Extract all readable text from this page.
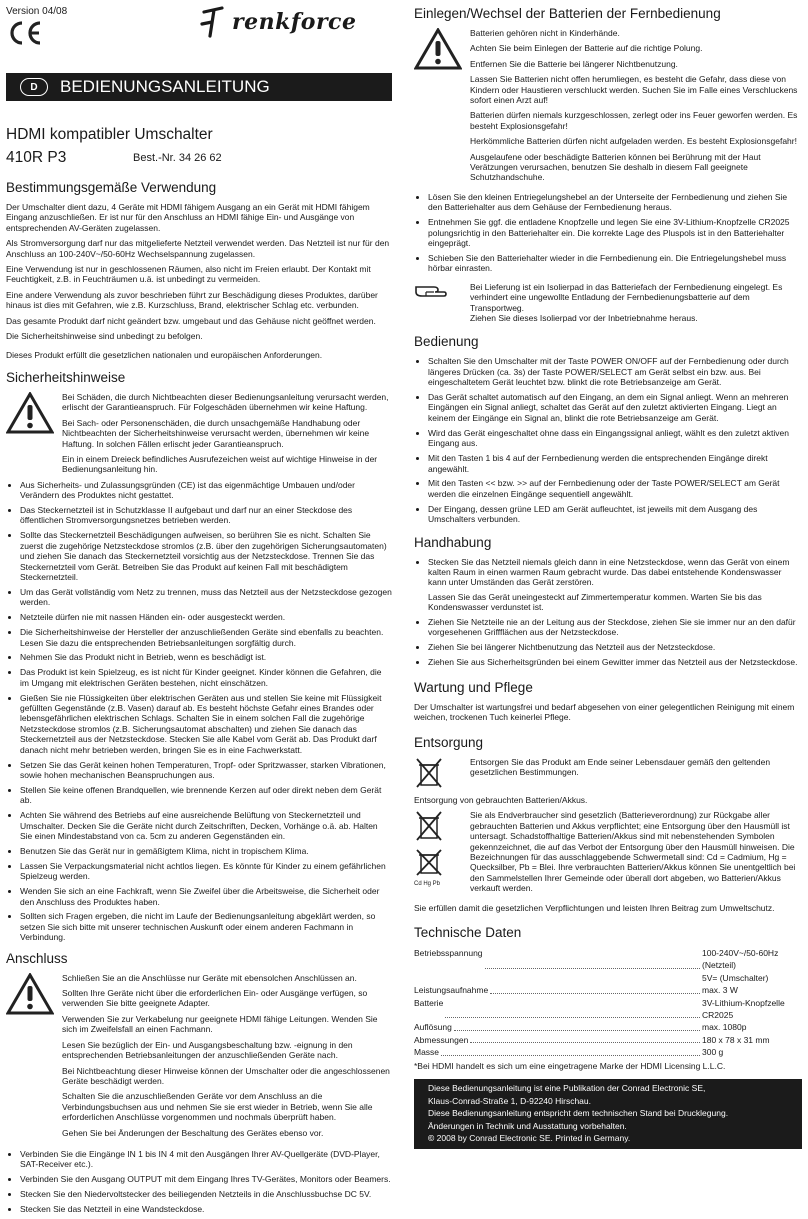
Version 04/08
D BEDIENUNGSANLEITUNG
HDMI kompatibler Umschalter
410R P3	Best.-Nr. 34 26 62
Bestimmungsgemäße Verwendung

Der Umschalter dient dazu, 4 Geräte mit HDMI fähigem Ausgang an ein Gerät mit HDMI fähigem Eingang anzuschließen. Er ist nur für den Anschluss an HDMI fähige Ein- und Ausgänge von entsprechenden AV-Geräten zugelassen.

Als Stromversorgung darf nur das mitgelieferte Netzteil verwendet werden. Das Netzteil ist nur für den Anschluss an 100-240V~/50-60Hz Wechselspannung zugelassen.

Eine Verwendung ist nur in geschlossenen Räumen, also nicht im Freien erlaubt. Der Kontakt mit Feuchtigkeit, z.B. in Feuchträumen u.ä. ist unbedingt zu vermeiden.

Eine andere Verwendung als zuvor beschrieben führt zur Beschädigung dieses Produktes, darüber hinaus ist dies mit Gefahren, wie z.B. Kurzschluss, Brand, elektrischer Schlag etc. verbunden.

Das gesamte Produkt darf nicht geändert bzw. umgebaut und das Gehäuse nicht geöffnet werden.

Die Sicherheitshinweise sind unbedingt zu befolgen.

Dieses Produkt erfüllt die gesetzlichen nationalen und europäischen Anforderungen.

Sicherheitshinweise

Bei Schäden, die durch Nichtbeachten dieser Bedienungsanleitung verursacht werden, erlischt der Garantieanspruch. Für Folgeschäden übernehmen wir keine Haftung.

Bei Sach- oder Personenschäden, die durch unsachgemäße Handhabung oder Nichtbeachten der Sicherheitshinweise verursacht werden, übernehmen wir keine Haftung. In solchen Fällen erlischt jeder Garantieanspruch.

Ein in einem Dreieck befindliches Ausrufezeichen weist auf wichtige Hinweise in der Bedienungsanleitung hin.

• Aus Sicherheits- und Zulassungsgründen (CE) ist das eigenmächtige Umbauen und/oder Verändern des Produktes nicht gestattet.
• Das Steckernetzteil ist in Schutzklasse II aufgebaut und darf nur an einer Steckdose des öffentlichen Stromversorgungsnetzes betrieben werden.
• Sollte das Steckernetzteil Beschädigungen aufweisen, so berühren Sie es nicht. Schalten Sie zuerst die zugehörige Netzsteckdose stromlos (z.B. über den zugehörigen Sicherungsautomaten) und ziehen Sie danach das Steckernetzteil vorsichtig aus der Netzsteckdose. Trennen Sie das Steckernetzteil vom Gerät. Betreiben Sie das Produkt auf keinen Fall mit beschädigtem Steckernetzteil.
• Um das Gerät vollständig vom Netz zu trennen, muss das Netzteil aus der Netzsteckdose gezogen werden.
• Netzteile dürfen nie mit nassen Händen ein- oder ausgesteckt werden.
• Die Sicherheitshinweise der Hersteller der anzuschließenden Geräte sind ebenfalls zu beachten. Lesen Sie dazu die entsprechenden Betriebsanleitungen sorgfältig durch.
• Nehmen Sie das Produkt nicht in Betrieb, wenn es beschädigt ist.
• Das Produkt ist kein Spielzeug, es ist nicht für Kinder geeignet. Kinder können die Gefahren, die im Umgang mit elektrischen Geräten bestehen, nicht einschätzen.
• Gießen Sie nie Flüssigkeiten über elektrischen Geräten aus und stellen Sie keine mit Flüssigkeit gefüllten Gegenstände (z.B. Vasen) darauf ab. Es besteht höchste Gefahr eines Brandes oder lebensgefährlichen elektrischen Schlags. Schalten Sie in einem solchen Fall die zugehörige Netzsteckdose stromlos (z.B. Sicherungsautomat abschalten) und ziehen Sie danach das Steckernetzteil aus der Netzsteckdose. Stecken Sie alle Kabel vom Gerät ab. Das Produkt darf danach nicht mehr betrieben werden, bringen Sie es in eine Fachwerkstatt.
• Setzen Sie das Gerät keinen hohen Temperaturen, Tropf- oder Spritzwasser, starken Vibrationen, sowie hohen mechanischen Beanspruchungen aus.
• Stellen Sie keine offenen Brandquellen, wie brennende Kerzen auf oder direkt neben dem Gerät ab.
• Achten Sie während des Betriebs auf eine ausreichende Belüftung von Steckernetzteil und Umschalter. Decken Sie die Geräte nicht durch Zeitschriften, Decken, Vorhänge o.ä. ab. Halten Sie einen Mindestabstand von ca. 5cm zu anderen Gegenständen ein.
• Benutzen Sie das Gerät nur in gemäßigtem Klima, nicht in tropischem Klima.
• Lassen Sie Verpackungsmaterial nicht achtlos liegen. Es könnte für Kinder zu einem gefährlichen Spielzeug werden.
• Wenden Sie sich an eine Fachkraft, wenn Sie Zweifel über die Arbeitsweise, die Sicherheit oder den Anschluss des Produktes haben.
• Sollten sich Fragen ergeben, die nicht im Laufe der Bedienungsanleitung abgeklärt werden, so setzen Sie sich bitte mit unserer technischen Auskunft oder einem anderen Fachmann in Verbindung.
Anschluss

Schließen Sie an die Anschlüsse nur Geräte mit ebensolchen Anschlüssen an.

Sollten Ihre Geräte nicht über die erforderlichen Ein- oder Ausgänge verfügen, so verwenden Sie bitte geeignete Adapter.

Verwenden Sie zur Verkabelung nur geeignete HDMI fähige Leitungen. Wenden Sie sich im Zweifelsfall an einen Fachmann.

Lesen Sie bezüglich der Ein- und Ausgangsbeschaltung bzw. -eignung in den entsprechenden Betriebsanleitungen der anzuschließenden Geräte nach.

Bei Nichtbeachtung dieser Hinweise können der Umschalter oder die angeschlossenen Geräte beschädigt werden.

Schalten Sie die anzuschließenden Geräte vor dem Anschluss an die Verbindungsbuchsen aus und nehmen Sie sie erst wieder in Betrieb, wenn Sie alle erforderlichen Anschlüsse vorgenommen und nochmals überprüft haben.

Gehen Sie bei Änderungen der Beschaltung des Gerätes ebenso vor.

• Verbinden Sie die Eingänge IN 1 bis IN 4 mit den Ausgängen Ihrer AV-Quellgeräte (DVD-Player, SAT-Receiver etc.).
• Verbinden Sie den Ausgang OUTPUT mit dem Eingang Ihres TV-Gerätes, Monitors oder Beamers.
• Stecken Sie den Niedervoltstecker des beiliegenden Netzteils in die Anschlussbuchse DC 5V.
• Stecken Sie das Netzteil in eine Wandsteckdose.
renkforce	Einlegen/Wechsel der Batterien der Fernbedienung

Batterien gehören nicht in Kinderhände.

Achten Sie beim Einlegen der Batterie auf die richtige Polung.

Entfernen Sie die Batterie bei längerer Nichtbenutzung.

Lassen Sie Batterien nicht offen herumliegen, es besteht die Gefahr, dass diese von Kindern oder Haustieren verschluckt werden. Suchen Sie im Falle eines Verschluckens sofort einen Arzt auf!

Batterien dürfen niemals kurzgeschlossen, zerlegt oder ins Feuer geworfen werden. Es besteht Explosionsgefahr!

Herkömmliche Batterien dürfen nicht aufgeladen werden. Es besteht Explosionsgefahr!

Ausgelaufene oder beschädigte Batterien können bei Berührung mit der Haut Verätzungen verursachen, benutzen Sie deshalb in diesem Fall geeignete Schutzhandschuhe.

• Lösen Sie den kleinen Entriegelungshebel an der Unterseite der Fernbedienung und ziehen Sie den Batteriehalter aus dem Gehäuse der Fernbedienung heraus.
• Entnehmen Sie ggf. die entladene Knopfzelle und legen Sie eine 3V-Lithium-Knopfzelle CR2025 polungsrichtig in den Batteriehalter ein. Die korrekte Lage des Pluspols ist in den Batteriehalter eingeprägt.
• Schieben Sie den Batteriehalter wieder in die Fernbedienung ein. Die Entriegelungshebel muss hörbar einrasten.

Bei Lieferung ist ein Isolierpad in das Batteriefach der Fernbedienung eingelegt. Es verhindert eine ungewollte Entladung der Fernbedienungsbatterie auf dem Transportweg.

Ziehen Sie dieses Isolierpad vor der Inbetriebnahme heraus.

Bedienung
• Schalten Sie den Umschalter mit der Taste POWER ON/OFF auf der Fernbedienung oder durch längeres Drücken (ca. 3s) der Taste POWER/SELECT am Gerät selbst ein bzw. aus. Bei eingeschaltetem Gerät leuchtet bzw. blinkt die rote Betriebsanzeige am Gerät.
• Das Gerät schaltet automatisch auf den Eingang, an dem ein Signal anliegt. Wenn an mehreren Eingängen ein Signal anliegt, schaltet das Gerät auf den zuletzt aktivierten Eingang. Liegt an keinem der Eingänge ein Signal an, blinkt die rote Betriebsanzeige am Gerät.
• Wird das Gerät eingeschaltet ohne dass ein Eingangssignal anliegt, wählt es den zuletzt aktiven Eingang aus.
• Mit den Tasten 1 bis 4 auf der Fernbedienung werden die entsprechenden Eingänge direkt angewählt.
• Mit den Tasten << bzw. >> auf der Fernbedienung oder der Taste POWER/SELECT am Gerät werden die einzelnen Eingänge sequentiell angewählt.
• Der Eingang, dessen grüne LED am Gerät aufleuchtet, ist jeweils mit dem Ausgang des Umschalters verbunden.
Handhabung
• Stecken Sie das Netzteil niemals gleich dann in eine Netzsteckdose, wenn das Gerät von einem kalten Raum in einen warmen Raum gebracht wurde. Das dabei entstehende Kondenswasser kann unter Umständen das Gerät zerstören.

Lassen Sie das Gerät uneingesteckt auf Zimmertemperatur kommen. Warten Sie bis das Kondenswasser verdunstet ist.

• Ziehen Sie Netzteile nie an der Leitung aus der Steckdose, ziehen Sie sie immer nur an den dafür vorgesehenen Griffflächen aus der Netzsteckdose.
• Ziehen Sie bei längerer Nichtbenutzung das Netzteil aus der Netzsteckdose.
• Ziehen Sie aus Sicherheitsgründen bei einem Gewitter immer das Netzteil aus der Netzsteckdose.
Wartung und Pflege

Der Umschalter ist wartungsfrei und bedarf abgesehen von einer gelegentlichen Reinigung mit einem weichen, trockenen Tuch keinerlei Pflege.

Entsorgung

Entsorgen Sie das Produkt am Ende seiner Lebensdauer gemäß den geltenden gesetzlichen Bestimmungen.

Entsorgung von gebrauchten Batterien/Akkus.

Cd Hg Pb

Sie als Endverbraucher sind gesetzlich (Batterieverordnung) zur Rückgabe aller gebrauchten Batterien und Akkus verpflichtet; eine Entsorgung über den Hausmüll ist untersagt. Schadstoffhaltige Batterien/Akkus sind mit nebenstehenden Symbolen gekennzeichnet, die auf das Verbot der Entsorgung über den Hausmüll hinweisen. Die Bezeichnungen für das ausschlaggebende Schwermetall sind: Cd = Cadmium, Hg = Quecksilber, Pb = Blei. Ihre verbrauchten Batterien/Akkus können Sie unentgeltlich bei den Sammelstellen Ihrer Gemeinde oder überall dort abgeben, wo Batterien/Akkus verkauft werden.

Sie erfüllen damit die gesetzlichen Verpflichtungen und leisten Ihren Beitrag zum Umweltschutz.

Technische Daten
Betriebsspannung	100-240V~/50-60Hz (Netzteil)
5V= (Umschalter)
Leistungsaufnahme	max. 3 W
Batterie	3V-Lithium-Knopfzelle CR2025
Auflösung	max. 1080p
Abmessungen	180 x 78 x 31 mm
Masse	300 g
*Bei HDMI handelt es sich um eine eingetragene Marke der HDMI Licensing L.L.C.
Diese Bedienungsanleitung ist eine Publikation der Conrad Electronic SE,
Klaus-Conrad-Straße 1, D-92240 Hirschau.
Diese Bedienungsanleitung entspricht dem technischen Stand bei Drucklegung.
Änderungen in Technik und Ausstattung vorbehalten.
© 2008 by Conrad Electronic SE. Printed in Germany.
